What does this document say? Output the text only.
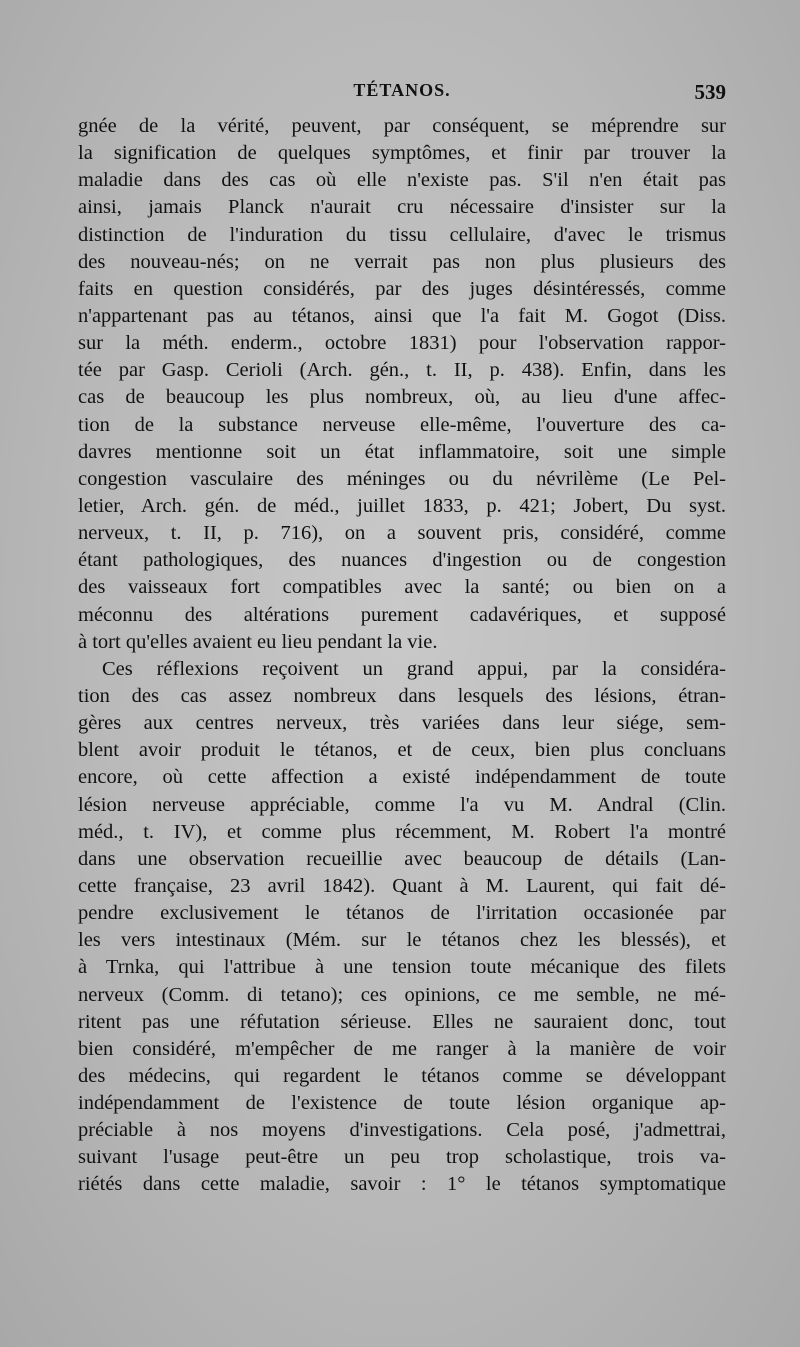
TÉTANOS.	539
gnée de la vérité, peuvent, par conséquent, se méprendre sur
la signification de quelques symptômes, et finir par trouver la
maladie dans des cas où elle n'existe pas. S'il n'en était pas
ainsi, jamais Planck n'aurait cru nécessaire d'insister sur la
distinction de l'induration du tissu cellulaire, d'avec le trismus
des nouveau-nés; on ne verrait pas non plus plusieurs des
faits en question considérés, par des juges désintéressés, comme
n'appartenant pas au tétanos, ainsi que l'a fait M. Gogot (Diss.
sur la méth. enderm., octobre 1831) pour l'observation rappor-
tée par Gasp. Cerioli (Arch. gén., t. II, p. 438). Enfin, dans les
cas de beaucoup les plus nombreux, où, au lieu d'une affec-
tion de la substance nerveuse elle-même, l'ouverture des ca-
davres mentionne soit un état inflammatoire, soit une simple
congestion vasculaire des méninges ou du névrilème (Le Pel-
letier, Arch. gén. de méd., juillet 1833, p. 421; Jobert, Du syst.
nerveux, t. II, p. 716), on a souvent pris, considéré, comme
étant pathologiques, des nuances d'ingestion ou de congestion
des vaisseaux fort compatibles avec la santé; ou bien on a
méconnu des altérations purement cadavériques, et supposé
à tort qu'elles avaient eu lieu pendant la vie.
Ces réflexions reçoivent un grand appui, par la considéra-
tion des cas assez nombreux dans lesquels des lésions, étran-
gères aux centres nerveux, très variées dans leur siége, sem-
blent avoir produit le tétanos, et de ceux, bien plus concluans
encore, où cette affection a existé indépendamment de toute
lésion nerveuse appréciable, comme l'a vu M. Andral (Clin.
méd., t. IV), et comme plus récemment, M. Robert l'a montré
dans une observation recueillie avec beaucoup de détails (Lan-
cette française, 23 avril 1842). Quant à M. Laurent, qui fait dé-
pendre exclusivement le tétanos de l'irritation occasionée par
les vers intestinaux (Mém. sur le tétanos chez les blessés), et
à Trnka, qui l'attribue à une tension toute mécanique des filets
nerveux (Comm. di tetano); ces opinions, ce me semble, ne mé-
ritent pas une réfutation sérieuse. Elles ne sauraient donc, tout
bien considéré, m'empêcher de me ranger à la manière de voir
des médecins, qui regardent le tétanos comme se développant
indépendamment de l'existence de toute lésion organique ap-
préciable à nos moyens d'investigations. Cela posé, j'admettrai,
suivant l'usage peut-être un peu trop scholastique, trois va-
riétés dans cette maladie, savoir : 1° le tétanos symptomatique
